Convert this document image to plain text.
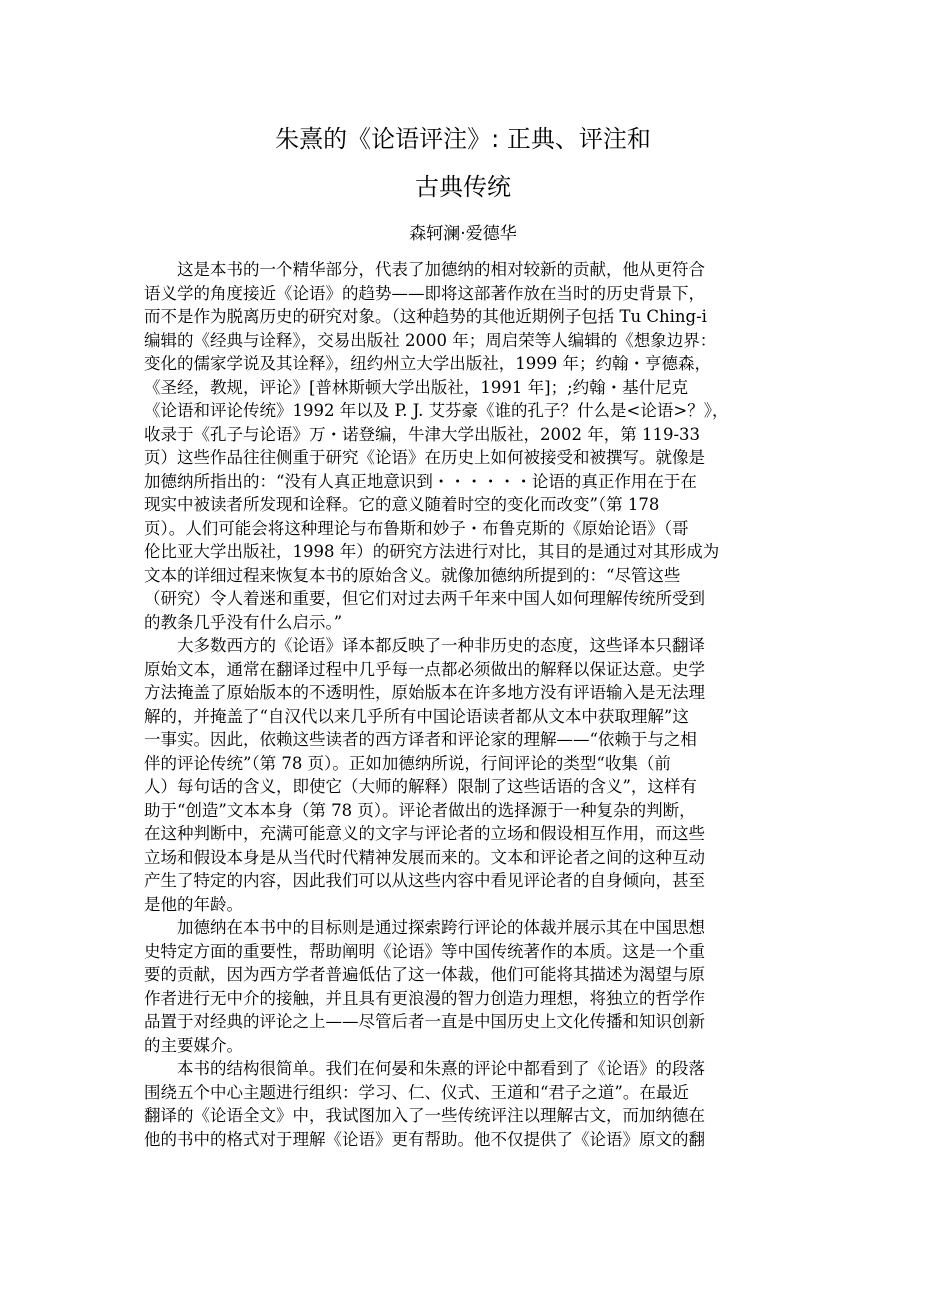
朱熹的《论语评注》: 正典、评注和
古典传统
森轲澜·爱德华
这是本书的一个精华部分，代表了加德纳的相对较新的贡献，他从更符合
语义学的角度接近《论语》的趋势——即将这部著作放在当时的历史背景下，
而不是作为脱离历史的研究对象。（这种趋势的其他近期例子包括 Tu Ching-i
编辑的《经典与诠释》，交易出版社 2000 年；周启荣等人编辑的《想象边界：
变化的儒家学说及其诠释》，纽约州立大学出版社，1999 年；约翰・亨德森，
《圣经，教规，评论》[普林斯顿大学出版社，1991 年]；;约翰・基什尼克
《论语和评论传统》1992 年以及 P. J. 艾芬豪《谁的孔子？什么是<论语>？》，
收录于《孔子与论语》万・诺登编，牛津大学出版社，2002 年，第 119-33
页）这些作品往往侧重于研究《论语》在历史上如何被接受和被撰写。就像是
加德纳所指出的：“没有人真正地意识到・・・・・・论语的真正作用在于在
现实中被读者所发现和诠释。它的意义随着时空的变化而改变”（第 178
页）。人们可能会将这种理论与布鲁斯和妙子・布鲁克斯的《原始论语》（哥
伦比亚大学出版社，1998 年）的研究方法进行对比，其目的是通过对其形成为
文本的详细过程来恢复本书的原始含义。就像加德纳所提到的：“尽管这些
（研究）令人着迷和重要，但它们对过去两千年来中国人如何理解传统所受到
的教条几乎没有什么启示。”
大多数西方的《论语》译本都反映了一种非历史的态度，这些译本只翻译
原始文本，通常在翻译过程中几乎每一点都必须做出的解释以保证达意。史学
方法掩盖了原始版本的不透明性，原始版本在许多地方没有评语输入是无法理
解的，并掩盖了“自汉代以来几乎所有中国论语读者都从文本中获取理解”这
一事实。因此，依赖这些读者的西方译者和评论家的理解——“依赖于与之相
伴的评论传统”（第 78 页）。正如加德纳所说，行间评论的类型“收集（前
人）每句话的含义，即使它（大师的解释）限制了这些话语的含义”，这样有
助于“创造”文本本身（第 78 页）。评论者做出的选择源于一种复杂的判断，
在这种判断中，充满可能意义的文字与评论者的立场和假设相互作用，而这些
立场和假设本身是从当代时代精神发展而来的。文本和评论者之间的这种互动
产生了特定的内容，因此我们可以从这些内容中看见评论者的自身倾向，甚至
是他的年龄。
加德纳在本书中的目标则是通过探索跨行评论的体裁并展示其在中国思想
史特定方面的重要性，帮助阐明《论语》等中国传统著作的本质。这是一个重
要的贡献，因为西方学者普遍低估了这一体裁，他们可能将其描述为渴望与原
作者进行无中介的接触，并且具有更浪漫的智力创造力理想，将独立的哲学作
品置于对经典的评论之上——尽管后者一直是中国历史上文化传播和知识创新
的主要媒介。
本书的结构很简单。我们在何晏和朱熹的评论中都看到了《论语》的段落
围绕五个中心主题进行组织：学习、仁、仪式、王道和“君子之道”。在最近
翻译的《论语全文》中，我试图加入了一些传统评注以理解古文，而加纳德在
他的书中的格式对于理解《论语》更有帮助。他不仅提供了《论语》原文的翻
